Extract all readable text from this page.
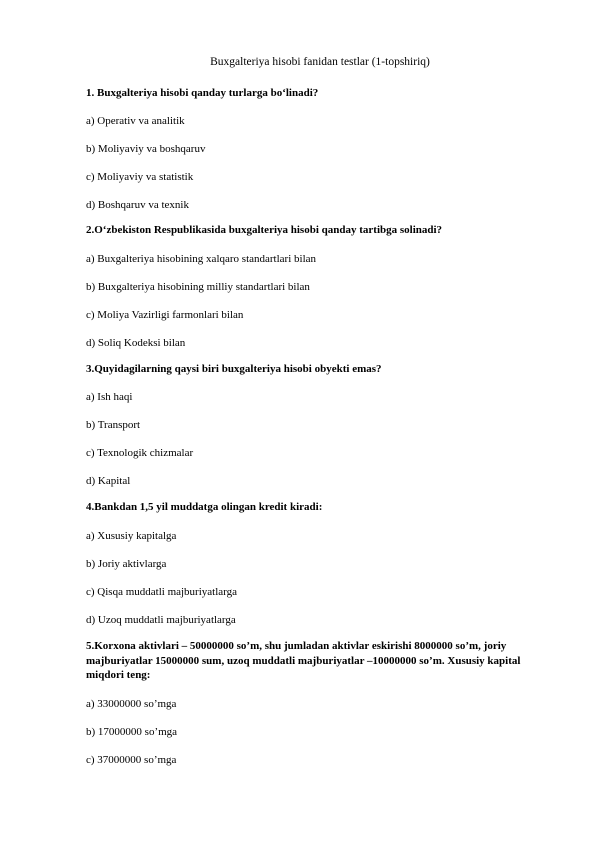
Buxgalteriya hisobi fanidan testlar (1-topshiriq)
1. Buxgalteriya hisobi qanday turlarga bo‘linadi?
a) Operativ va analitik
b) Moliyaviy va boshqaruv
c) Moliyaviy va statistik
d) Boshqaruv va texnik
2.O‘zbekiston Respublikasida buxgalteriya hisobi qanday tartibga solinadi?
a) Buxgalteriya hisobining xalqaro standartlari bilan
b) Buxgalteriya hisobining milliy standartlari bilan
c) Moliya Vazirligi farmonlari bilan
d) Soliq Kodeksi bilan
3.Quyidagilarning qaysi biri buxgalteriya hisobi obyekti emas?
a) Ish haqi
b) Transport
c) Texnologik chizmalar
d) Kapital
4.Bankdan 1,5 yil muddatga olingan kredit kiradi:
a) Xususiy kapitalga
b) Joriy aktivlarga
c) Qisqa muddatli majburiyatlarga
d) Uzoq muddatli majburiyatlarga
5.Korxona aktivlari – 50000000 so’m, shu jumladan aktivlar eskirishi 8000000 so’m, joriy majburiyatlar 15000000 sum, uzoq muddatli majburiyatlar –10000000 so’m. Xususiy kapital miqdori teng:
a) 33000000 so’mga
b) 17000000 so’mga
c) 37000000 so’mga
